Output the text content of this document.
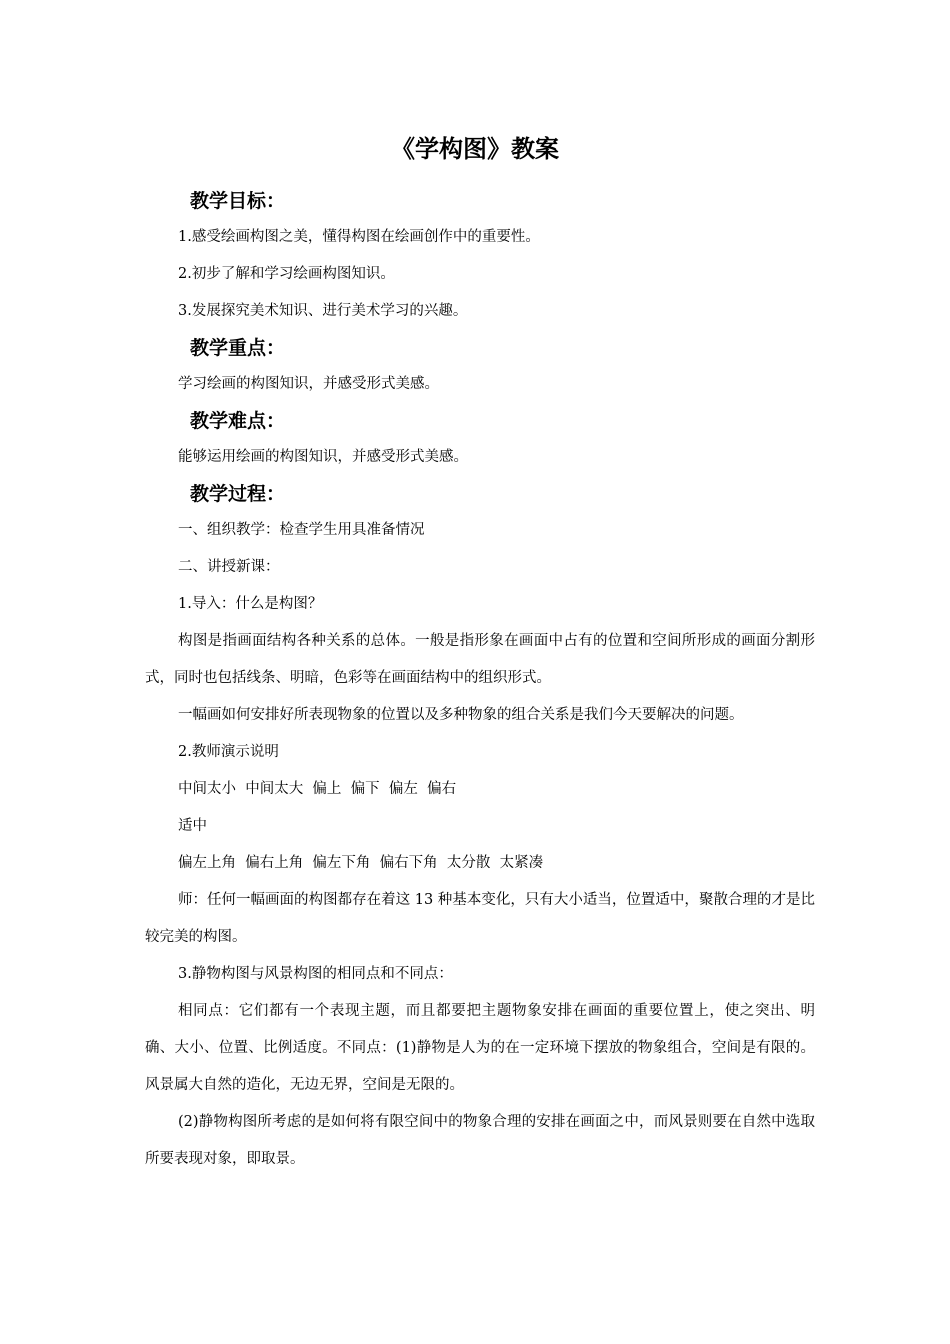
《学构图》教案
教学目标：
1.感受绘画构图之美，懂得构图在绘画创作中的重要性。
2.初步了解和学习绘画构图知识。
3.发展探究美术知识、进行美术学习的兴趣。
教学重点：
学习绘画的构图知识，并感受形式美感。
教学难点：
能够运用绘画的构图知识，并感受形式美感。
教学过程：
一、组织教学：检查学生用具准备情况
二、讲授新课：
1.导入：什么是构图？
构图是指画面结构各种关系的总体。一般是指形象在画面中占有的位置和空间所形成的画面分割形式，同时也包括线条、明暗，色彩等在画面结构中的组织形式。
一幅画如何安排好所表现物象的位置以及多种物象的组合关系是我们今天要解决的问题。
2.教师演示说明
中间太小  中间太大  偏上  偏下  偏左  偏右
适中
偏左上角  偏右上角  偏左下角  偏右下角  太分散  太紧凑
师：任何一幅画面的构图都存在着这 13 种基本变化，只有大小适当，位置适中，聚散合理的才是比较完美的构图。
3.静物构图与风景构图的相同点和不同点：
相同点：它们都有一个表现主题，而且都要把主题物象安排在画面的重要位置上，使之突出、明确、大小、位置、比例适度。不同点：(1)静物是人为的在一定环境下摆放的物象组合，空间是有限的。风景属大自然的造化，无边无界，空间是无限的。
(2)静物构图所考虑的是如何将有限空间中的物象合理的安排在画面之中，而风景则要在自然中选取所要表现对象，即取景。
